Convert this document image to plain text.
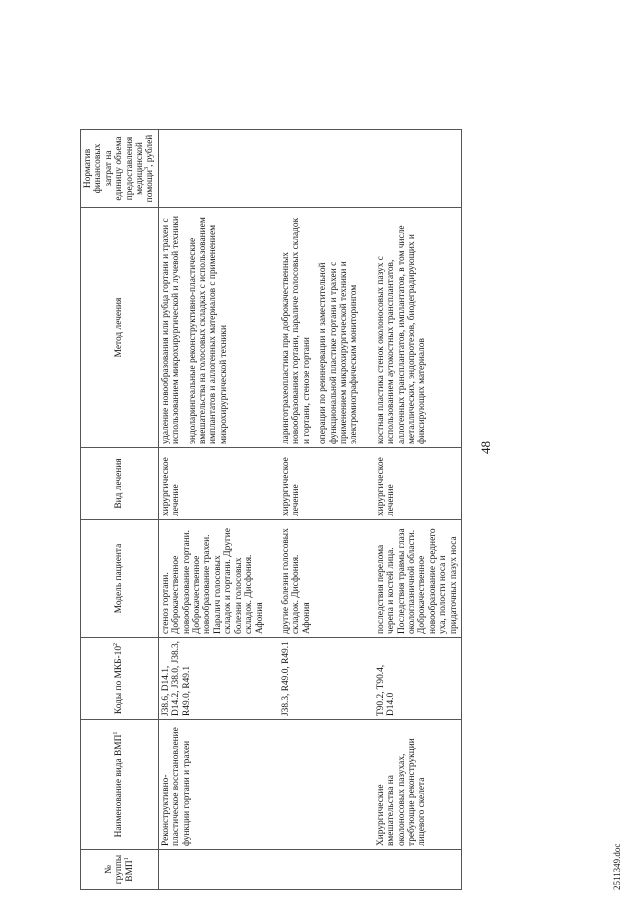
48
2511349.doc
№ группы ВМП$^1$	Наименование вида ВМП$^1$	Коды по МКБ-$10^2$	Модель пациента	Вид лечения	Метод лечения	Норматив финансовых затрат на единицу объема предоставления медицинской помощи$^3$, рублей
	Реконструктивно-пластическое восстановление функции гортани и трахеи	J38.6, D14.1, D14.2, J38.0, J38.3, R49.0, R49.1	стеноз гортани. Доброкачественное новообразование гортани. Доброкачественное новообразование трахеи. Паралич голосовых складок и гортани. Другие болезни голосовых складок. Дисфония. Афония	хирургическое лечение	удаление новообразования или рубца гортани и трахеи с использованием микрохирургической и лучевой техники эндоларингеальные реконструктивно-пластические вмешательства на голосовых складках с использованием имплантатов и аллогенных материалов с применением микрохирургической техники	

		J38.3, R49.0, R49.1	другие болезни голосовых складок. Дисфония. Афония	хирургическое лечение	ларинготрахеопластика при доброкачественных новообразованиях гортани, параличе голосовых складок и гортани, стенозе гортани операции по реиннервации и заместительной функциональной пластике гортани и трахеи с применением микрохирургической техники и электромиографическим мониторингом	

	Хирургические вмешательства на околоносовых пазухах, требующие реконструкции лицевого скелета	T90.2, T90.4, D14.0	последствия перелома черепа и костей лица. Последствия травмы глаза окологлазничной области. Доброкачественное новообразование среднего уха, полости носа и придаточных пазух носа	хирургическое лечение	костная пластика стенок околоносовых пазух с использованием аутокостных трансплантатов, аллогенных трансплантатов, имплантатов, в том числе металлических, эндопротезов, биодеградирующих и фиксирующих материалов	
